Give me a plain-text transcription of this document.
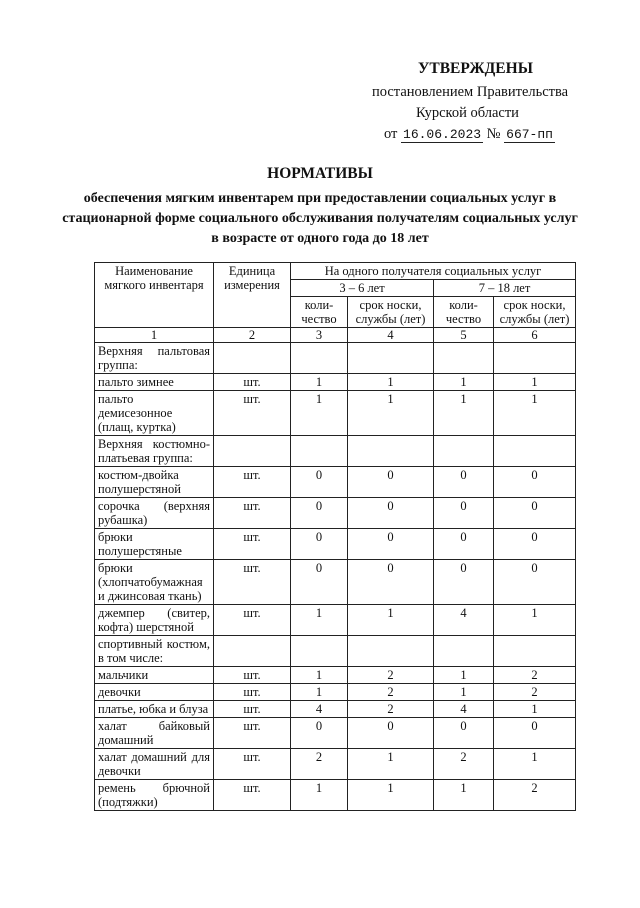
УТВЕРЖДЕНЫ
постановлением Правительства
Курской области
от 16.06.2023 № 667-пп
НОРМАТИВЫ
обеспечения мягким инвентарем при предоставлении социальных услуг в стационарной форме социального обслуживания получателям социальных услуг в возрасте от одного года до 18 лет
Наименование мягкого инвентаря	Единица измерения	На одного получателя социальных услуг			
		3 – 6 лет		7 – 18 лет	
		коли-чество	срок носки, службы (лет)	коли-чество	срок носки, службы (лет)
1	2	3	4	5	6
Верхняя пальтовая группа:					
пальто зимнее	шт.	1	1	1	1
пальто демисезонное (плащ, куртка)	шт.	1	1	1	1
Верхняя костюмно-платьевая группа:					
костюм-двойка полушерстяной	шт.	0	0	0	0
сорочка (верхняя рубашка)	шт.	0	0	0	0
брюки полушерстяные	шт.	0	0	0	0
брюки (хлопчатобумажная и джинсовая ткань)	шт.	0	0	0	0
джемпер (свитер, кофта) шерстяной	шт.	1	1	4	1
спортивный костюм, в том числе:					
мальчики	шт.	1	2	1	2
девочки	шт.	1	2	1	2
платье, юбка и блуза	шт.	4	2	4	1
халат байковый домашний	шт.	0	0	0	0
халат домашний для девочки	шт.	2	1	2	1
ремень брючной (подтяжки)	шт.	1	1	1	2
